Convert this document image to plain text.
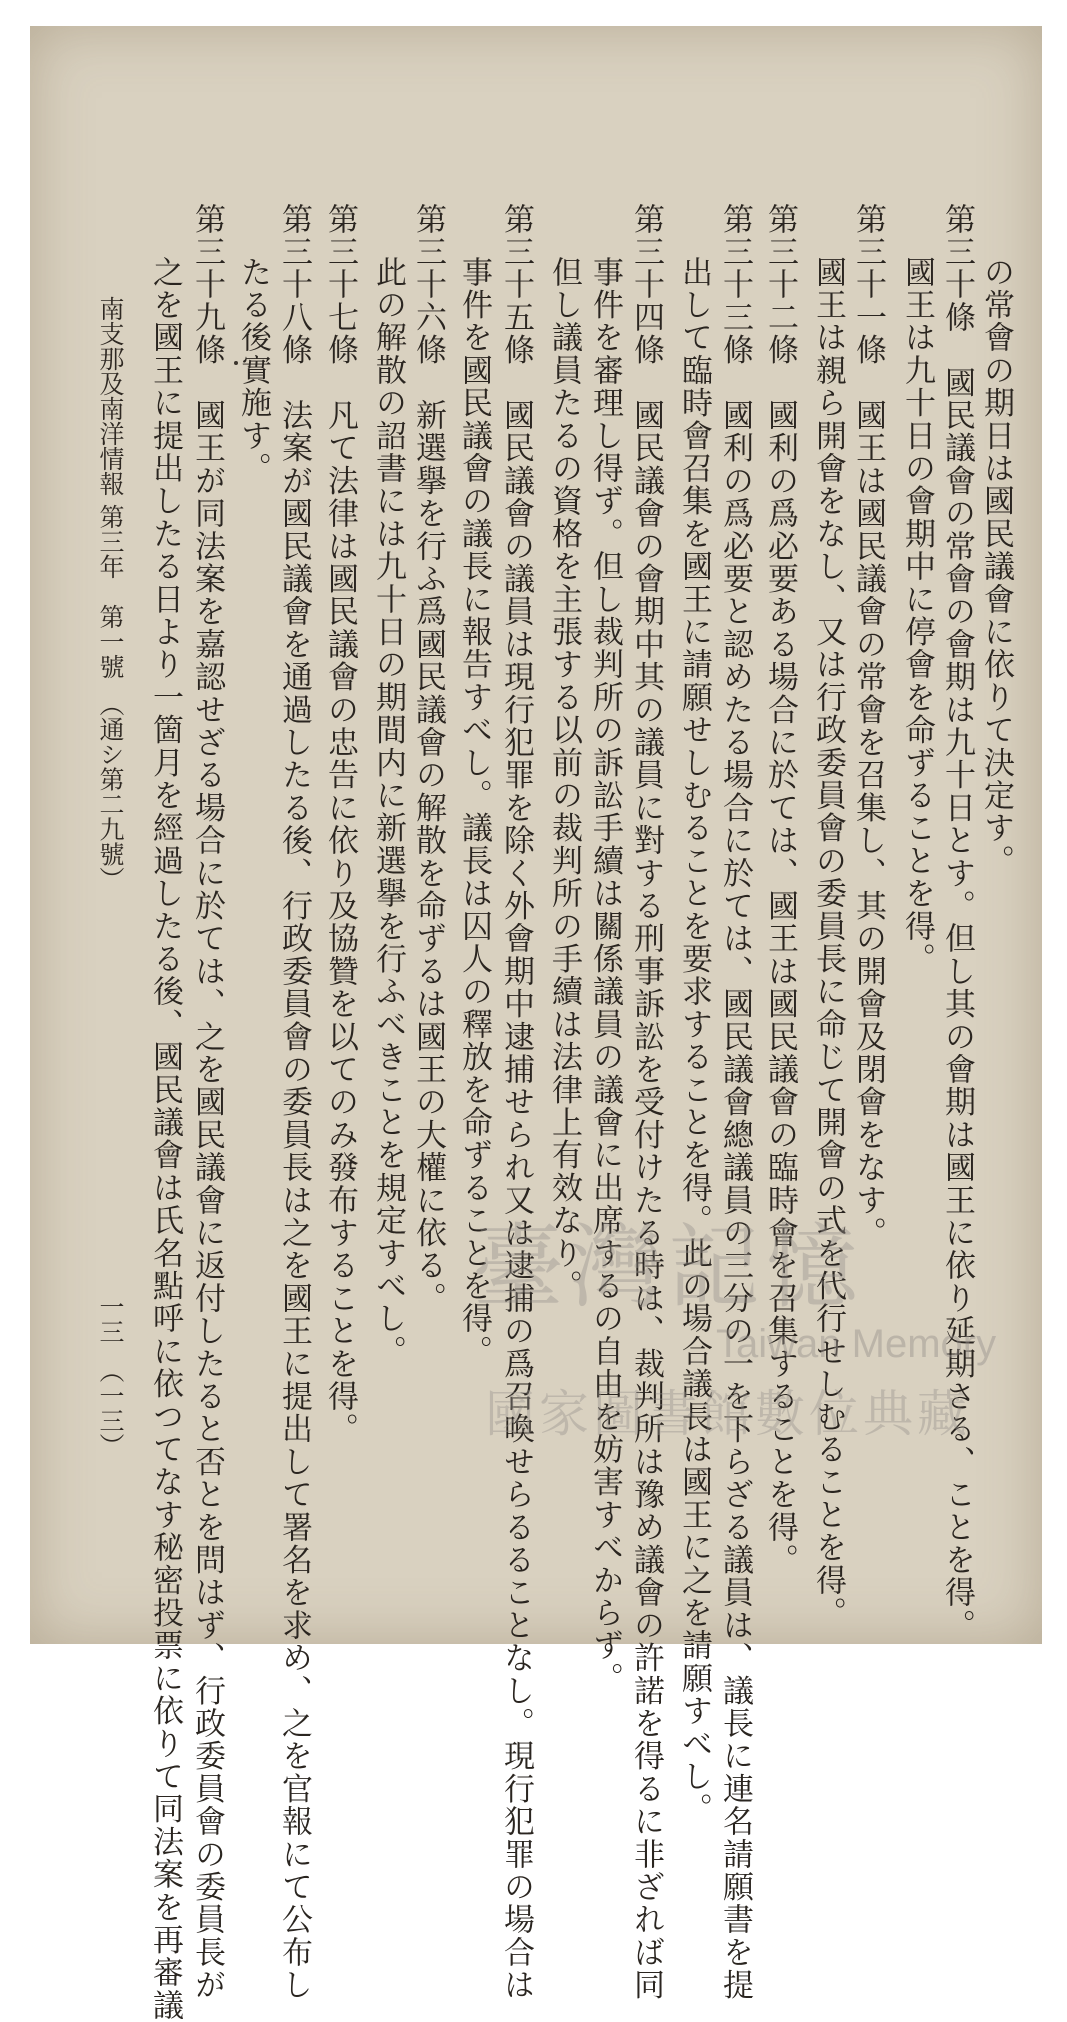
の常會の期日は國民議會に依りて決定す。
第三十條　國民議會の常會の會期は九十日とす。但し其の會期は國王に依り延期さる、ことを得。
國王は九十日の會期中に停會を命ずることを得。
第三十一條　國王は國民議會の常會を召集し、其の開會及閉會をなす。
國王は親ら開會をなし、又は行政委員會の委員長に命じて開會の式を代行せしむることを得。
第三十二條　國利の爲必要ある場合に於ては、國王は國民議會の臨時會を召集することを得。
第三十三條　國利の爲必要と認めたる場合に於ては、國民議會總議員の三分の一を下らざる議員は、議長に連名請願書を提
出して臨時會召集を國王に請願せしむることを要求することを得。此の場合議長は國王に之を請願すべし。
第三十四條　國民議會の會期中其の議員に對する刑事訴訟を受付けたる時は、裁判所は豫め議會の許諾を得るに非ざれば同
事件を審理し得ず。但し裁判所の訴訟手續は關係議員の議會に出席するの自由を妨害すべからず。
但し議員たるの資格を主張する以前の裁判所の手續は法律上有效なり。
第三十五條　國民議會の議員は現行犯罪を除く外會期中逮捕せられ又は逮捕の爲召喚せらるることなし。現行犯罪の場合は
事件を國民議會の議長に報告すべし。議長は囚人の釋放を命ずることを得。
第三十六條　新選擧を行ふ爲國民議會の解散を命ずるは國王の大權に依る。
此の解散の詔書には九十日の期間内に新選擧を行ふべきことを規定すべし。
第三十七條　凡て法律は國民議會の忠告に依り及協贊を以てのみ發布することを得。
第三十八條　法案が國民議會を通過したる後、行政委員會の委員長は之を國王に提出して署名を求め、之を官報にて公布し
たる後實施す。
第三十九條　國王が同法案を嘉認せざる場合に於ては、之を國民議會に返付したると否とを問はず、行政委員會の委員長が
之を國王に提出したる日より一箇月を經過したる後、國民議會は氏名點呼に依つてなす秘密投票に依りて同法案を再審議
南支那及南洋情報
第三年　第一號　（通シ第二九號）
一三
（一三）
臺灣記憶
Taiwan Memory
國家圖書館數位典藏
